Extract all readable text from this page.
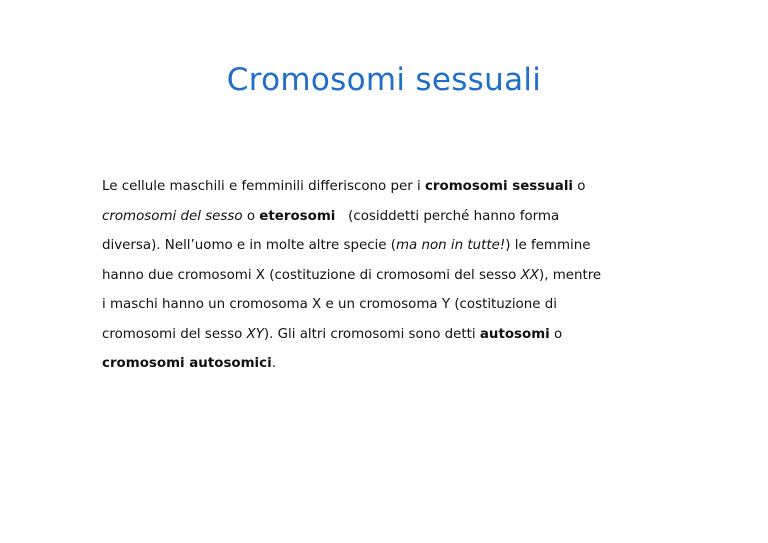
Cromosomi sessuali
Le cellule maschili e femminili differiscono per i cromosomi sessuali o
cromosomi del sesso o eterosomi   (cosiddetti perché hanno forma
diversa). Nell’uomo e in molte altre specie (ma non in tutte!) le femmine
hanno due cromosomi X (costituzione di cromosomi del sesso XX), mentre
i maschi hanno un cromosoma X e un cromosoma Y (costituzione di
cromosomi del sesso XY). Gli altri cromosomi sono detti autosomi o
cromosomi autosomici.
